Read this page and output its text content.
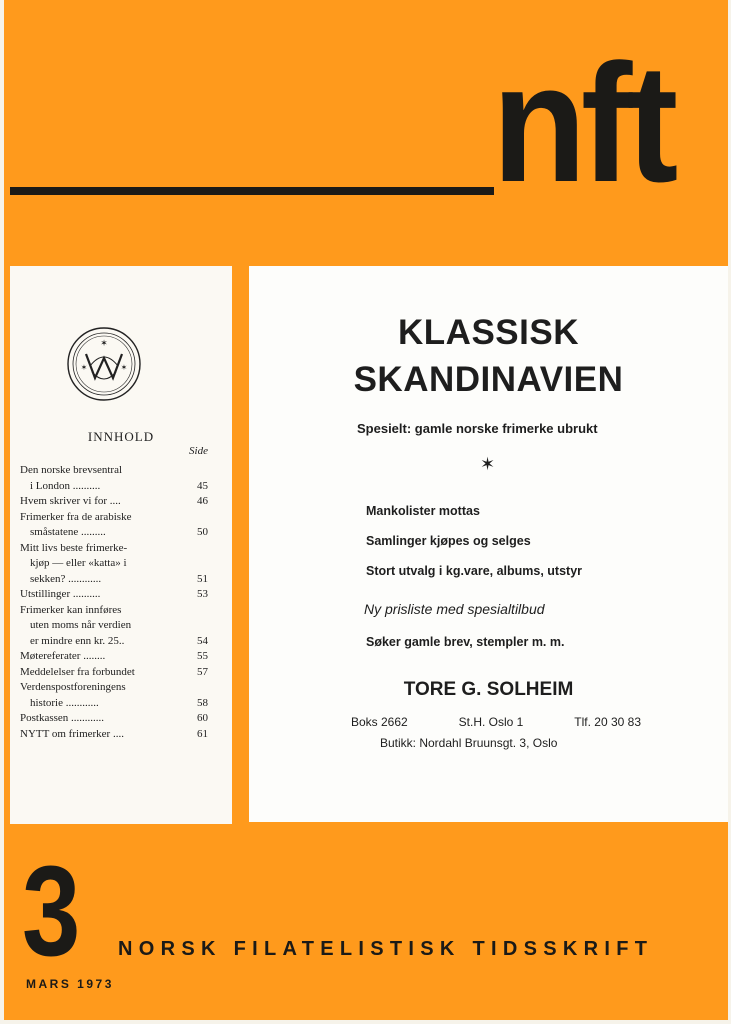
nft
✶
✶	✶
INNHOLD
Side
Den norske brevsentral
i London ..........	45
Hvem skriver vi for ....	46
Frimerker fra de arabiske
småstatene .........	50
Mitt livs beste frimerke-
kjøp — eller «katta» i
sekken? ............	51
Utstillinger ..........	53
Frimerker kan innføres
uten moms når verdien
er mindre enn kr. 25..	54
Møtereferater ........	55
Meddelelser fra forbundet	57
Verdenspostforeningens
historie ............	58
Postkassen ............	60
NYTT om frimerker ....	61
KLASSISK
SKANDINAVIEN
Spesielt: gamle norske frimerke ubrukt
✶
Mankolister mottas
Samlinger kjøpes og selges
Stort utvalg i kg.vare, albums, utstyr
Ny prisliste med spesialtilbud
Søker gamle brev, stempler m. m.
TORE G. SOLHEIM
Boks 2662	St.H. Oslo 1	Tlf. 20 30 83
Butikk: Nordahl Bruunsgt. 3, Oslo
3 NORSK FILATELISTISK TIDSSKRIFT
MARS 1973
